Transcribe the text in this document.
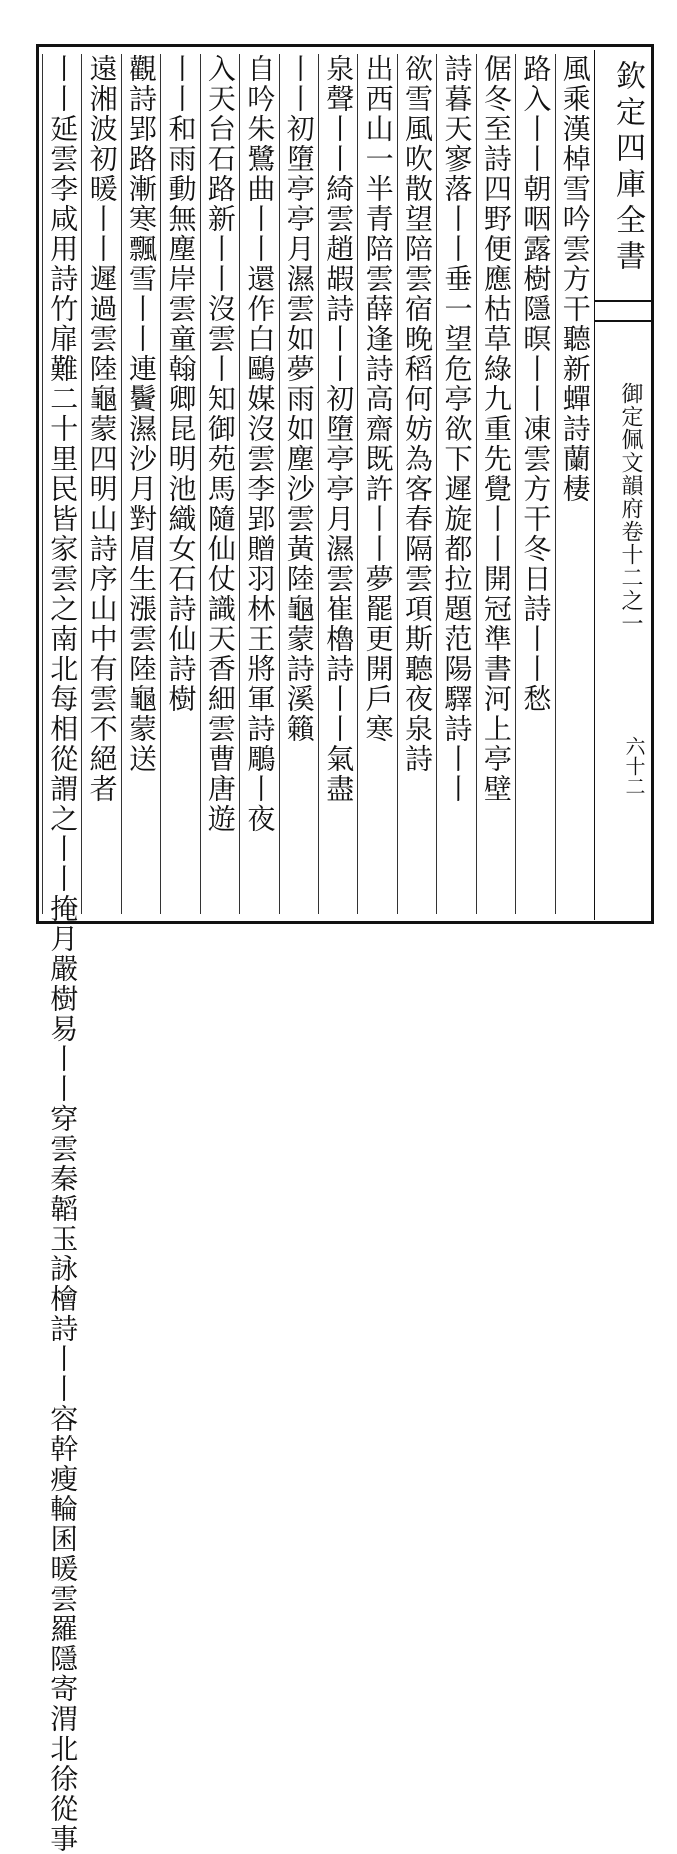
欽定四庫全書
御定佩文韻府卷十二之一
六十二
風乘漢棹雪吟雲方干聽新蟬詩蘭棲
路入丨丨朝咽露樹隱暝丨丨凍雲方干冬日詩丨丨愁
倨冬至詩四野便應枯草綠九重先覺丨丨開冠準書河上亭壁
詩暮天寥落丨丨垂一望危亭欲下遲旋都拉題范陽驛詩丨丨
欲雪風吹散望陪雲宿晚稻何妨為客春隔雲項斯聽夜泉詩
出西山一半青陪雲薛逢詩高齋既許丨丨夢罷更開戶寒
泉聲丨丨綺雲趙嘏詩丨丨初墮亭亭月濕雲崔櫓詩丨丨氣盡
丨丨初墮亭亭月濕雲如夢雨如塵沙雲黃陸龜蒙詩溪籟
自吟朱鷺曲丨丨還作白鷗媒沒雲李郢贈羽林王將軍詩鵰丨夜
入天台石路新丨丨沒雲丨知御苑馬隨仙仗識天香細雲曹唐遊
丨丨和雨動無塵岸雲童翰卿昆明池織女石詩仙詩樹
觀詩郢路漸寒飄雪丨丨連鬢濕沙月對眉生漲雲陸龜蒙送
遠湘波初暖丨丨遲過雲陸龜蒙四明山詩序山中有雲不絕者
丨丨延雲李咸用詩竹扉難二十里民皆家雲之南北每相從謂之丨丨掩月嚴樹易丨丨穿雲秦韜玉詠檜詩丨丨容幹瘦輪囷暖雲羅隱寄渭北徐從事
